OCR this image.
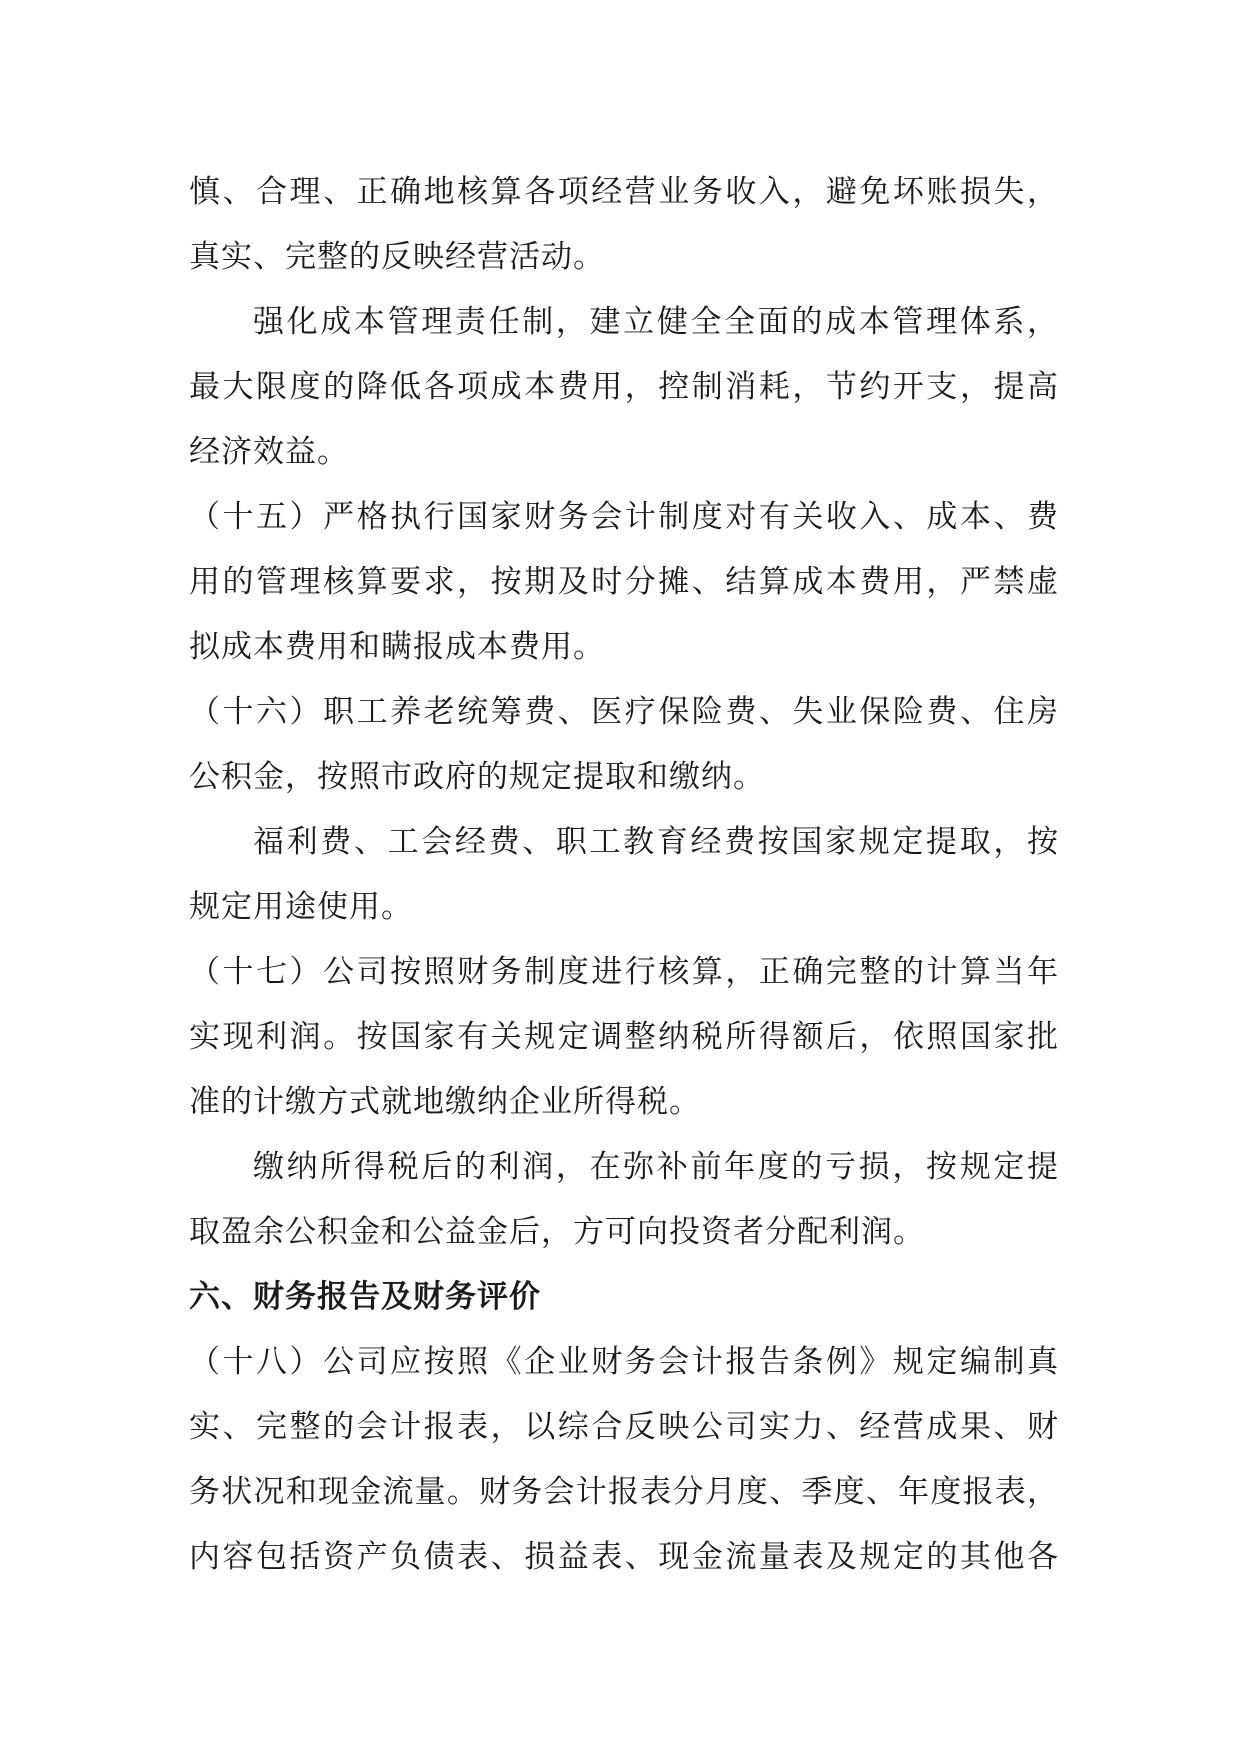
慎、合理、正确地核算各项经营业务收入，避免坏账损失，
真实、完整的反映经营活动。
强化成本管理责任制，建立健全全面的成本管理体系，
最大限度的降低各项成本费用，控制消耗，节约开支，提高
经济效益。
（十五）严格执行国家财务会计制度对有关收入、成本、费
用的管理核算要求，按期及时分摊、结算成本费用，严禁虚
拟成本费用和瞒报成本费用。
（十六）职工养老统筹费、医疗保险费、失业保险费、住房
公积金，按照市政府的规定提取和缴纳。
福利费、工会经费、职工教育经费按国家规定提取，按
规定用途使用。
（十七）公司按照财务制度进行核算，正确完整的计算当年
实现利润。按国家有关规定调整纳税所得额后，依照国家批
准的计缴方式就地缴纳企业所得税。
缴纳所得税后的利润，在弥补前年度的亏损，按规定提
取盈余公积金和公益金后，方可向投资者分配利润。
六、财务报告及财务评价
（十八）公司应按照《企业财务会计报告条例》规定编制真
实、完整的会计报表，以综合反映公司实力、经营成果、财
务状况和现金流量。财务会计报表分月度、季度、年度报表，
内容包括资产负债表、损益表、现金流量表及规定的其他各
